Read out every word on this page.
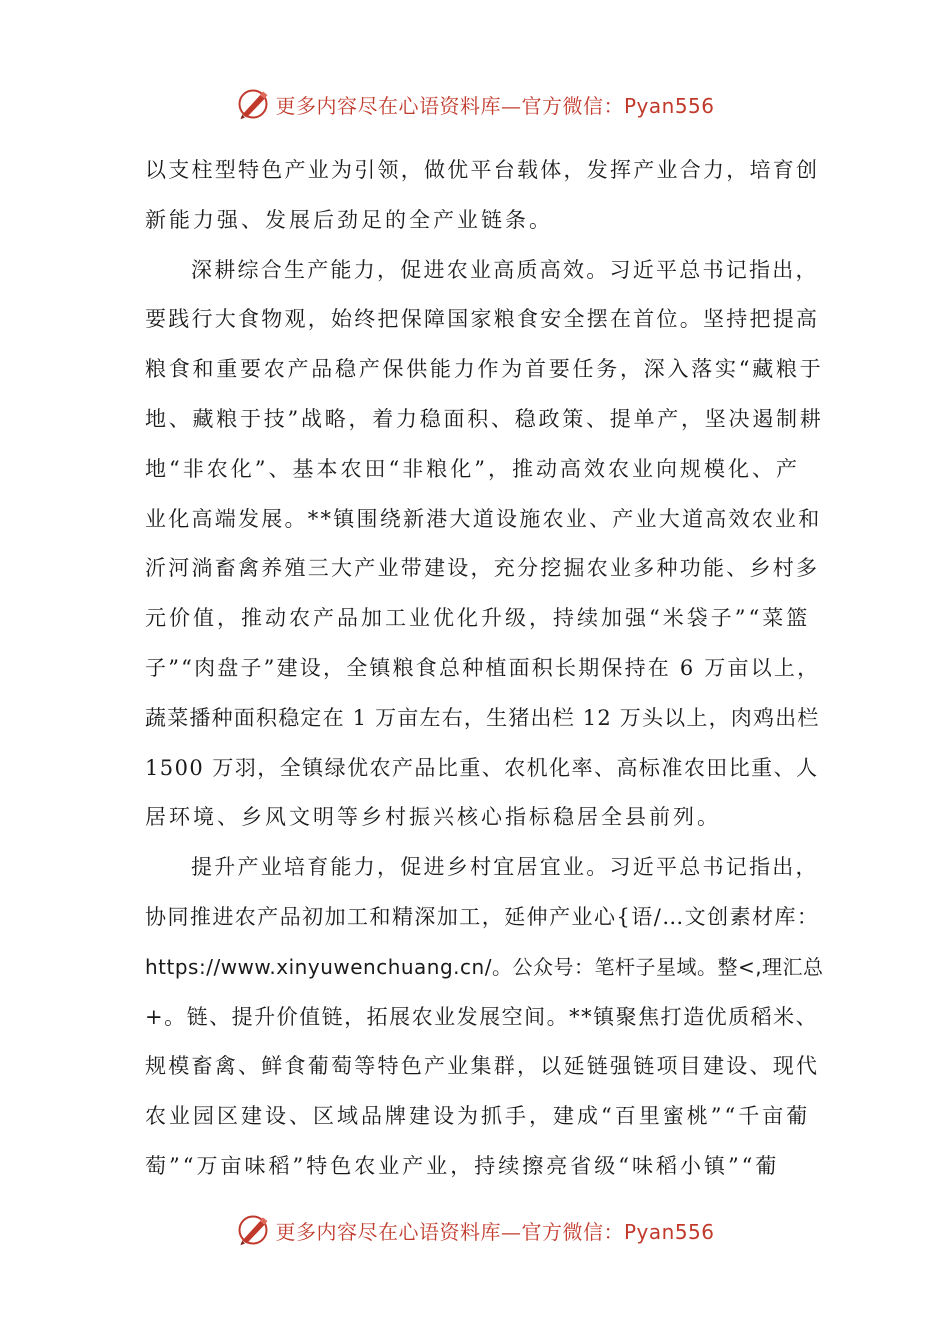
更多内容尽在心语资料库—官方微信：Pyan556

以支柱型特色产业为引领，做优平台载体，发挥产业合力，培育创
新能力强、发展后劲足的全产业链条。

深耕综合生产能力，促进农业高质高效。习近平总书记指出，
要践行大食物观，始终把保障国家粮食安全摆在首位。坚持把提高
粮食和重要农产品稳产保供能力作为首要任务，深入落实“藏粮于
地、藏粮于技”战略，着力稳面积、稳政策、提单产，坚决遏制耕
地“非农化”、基本农田“非粮化”，推动高效农业向规模化、产
业化高端发展。**镇围绕新港大道设施农业、产业大道高效农业和
沂河淌畜禽养殖三大产业带建设，充分挖掘农业多种功能、乡村多
元价值，推动农产品加工业优化升级，持续加强“米袋子”“菜篮
子”“肉盘子”建设，全镇粮食总种植面积长期保持在 6 万亩以上，
蔬菜播种面积稳定在 1 万亩左右，生猪出栏 12 万头以上，肉鸡出栏
1500 万羽，全镇绿优农产品比重、农机化率、高标准农田比重、人
居环境、乡风文明等乡村振兴核心指标稳居全县前列。

提升产业培育能力，促进乡村宜居宜业。习近平总书记指出，
协同推进农产品初加工和精深加工，延伸产业心{语/…文创素材库：
https://www.xinyuwenchuang.cn/。公众号：笔杆子星域。整<,理汇总
+。链、提升价值链，拓展农业发展空间。**镇聚焦打造优质稻米、
规模畜禽、鲜食葡萄等特色产业集群，以延链强链项目建设、现代
农业园区建设、区域品牌建设为抓手，建成“百里蜜桃”“千亩葡
萄”“万亩味稻”特色农业产业，持续擦亮省级“味稻小镇”“葡

更多内容尽在心语资料库—官方微信：Pyan556
